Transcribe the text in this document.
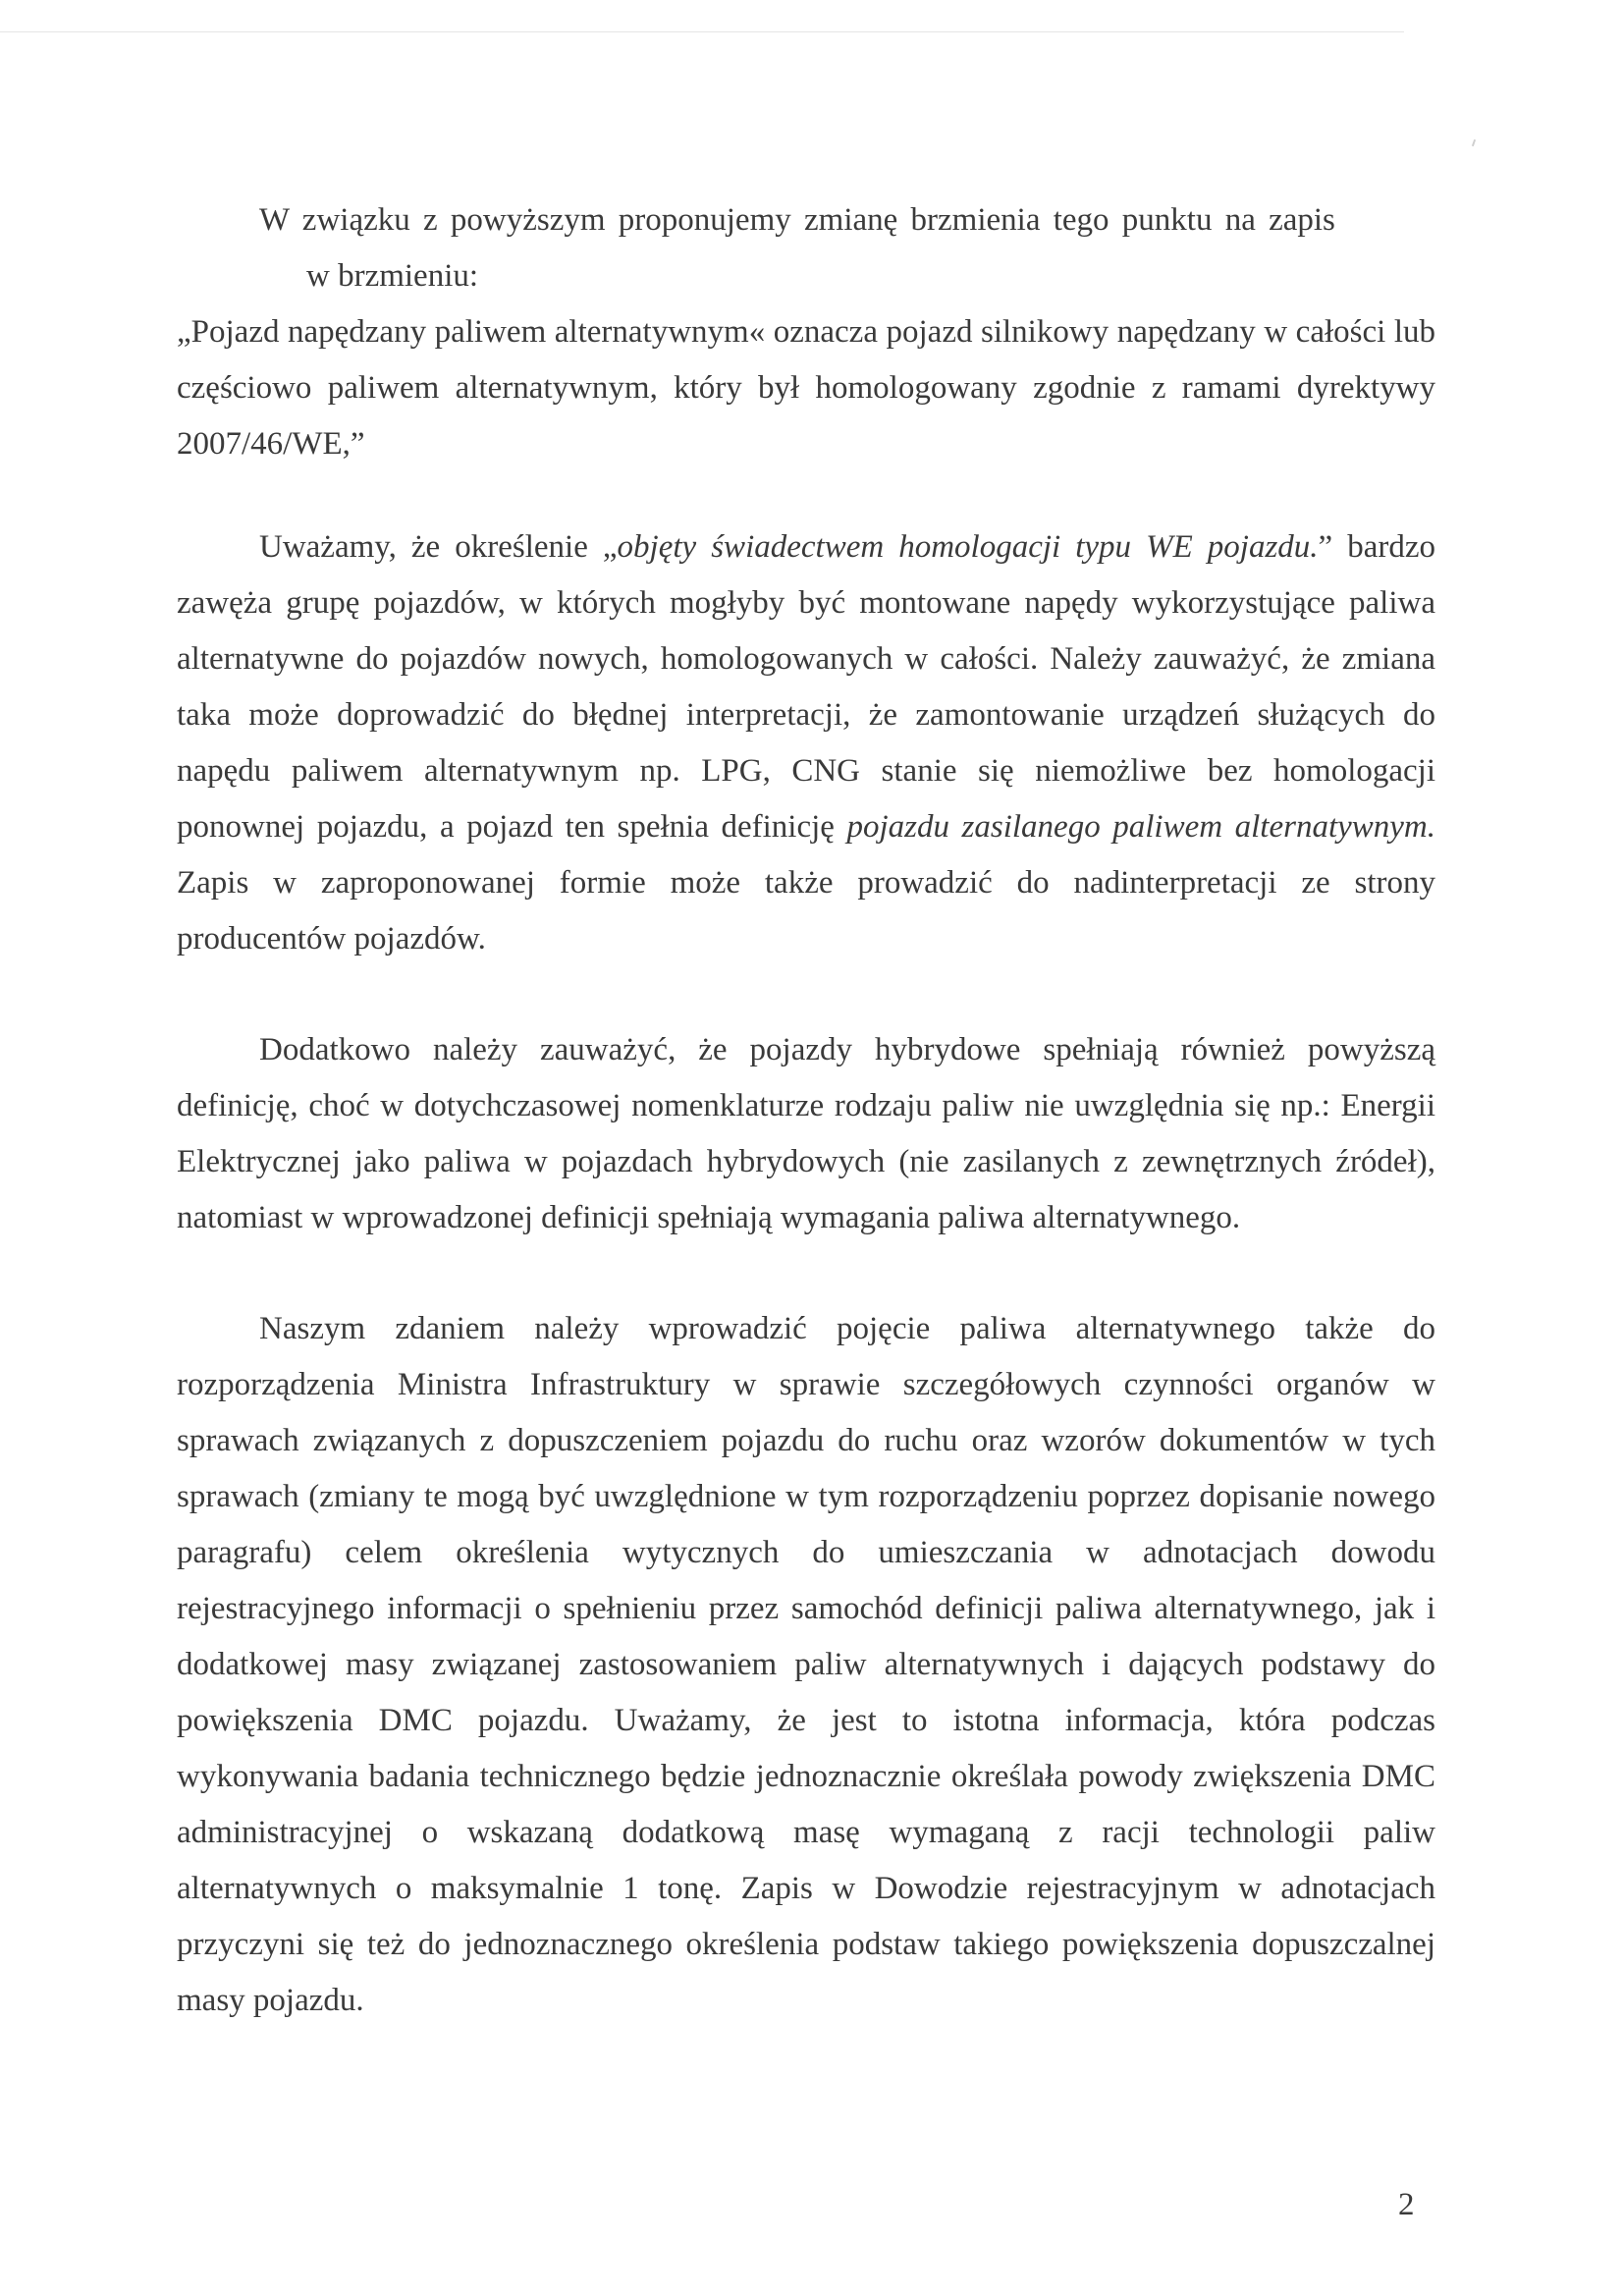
W związku z powyższym proponujemy zmianę brzmienia tego punktu na zapis

w brzmieniu:

„Pojazd napędzany paliwem alternatywnym« oznacza pojazd silnikowy napędzany w całości lub częściowo paliwem alternatywnym, który był homologowany zgodnie z ramami dyrektywy 2007/46/WE,”

Uważamy, że określenie „objęty świadectwem homologacji typu WE pojazdu.” bardzo zawęża grupę pojazdów, w których mogłyby być montowane napędy wykorzystujące paliwa alternatywne do pojazdów nowych, homologowanych w całości. Należy zauważyć, że zmiana taka może doprowadzić do błędnej interpretacji, że zamontowanie urządzeń służących do napędu paliwem alternatywnym np. LPG, CNG stanie się niemożliwe bez homologacji ponownej pojazdu, a pojazd ten spełnia definicję pojazdu zasilanego paliwem alternatywnym. Zapis w zaproponowanej formie może także prowadzić do nadinterpretacji ze strony producentów pojazdów.

Dodatkowo należy zauważyć, że pojazdy hybrydowe spełniają również powyższą definicję, choć w dotychczasowej nomenklaturze rodzaju paliw nie uwzględnia się np.: Energii Elektrycznej jako paliwa w pojazdach hybrydowych (nie zasilanych z zewnętrznych źródeł), natomiast w wprowadzonej definicji spełniają wymagania paliwa alternatywnego.

Naszym zdaniem należy wprowadzić pojęcie paliwa alternatywnego także do rozporządzenia Ministra Infrastruktury w sprawie szczegółowych czynności organów w sprawach związanych z dopuszczeniem pojazdu do ruchu oraz wzorów dokumentów w tych sprawach (zmiany te mogą być uwzględnione w tym rozporządzeniu poprzez dopisanie nowego paragrafu) celem określenia wytycznych do umieszczania w adnotacjach dowodu rejestracyjnego informacji o spełnieniu przez samochód definicji paliwa alternatywnego, jak i dodatkowej masy związanej zastosowaniem paliw alternatywnych i dających podstawy do powiększenia DMC pojazdu. Uważamy, że jest to istotna informacja, która podczas wykonywania badania technicznego będzie jednoznacznie określała powody zwiększenia DMC administracyjnej o wskazaną dodatkową masę wymaganą z racji technologii paliw alternatywnych o maksymalnie 1 tonę. Zapis w Dowodzie rejestracyjnym w adnotacjach przyczyni się też do jednoznacznego określenia podstaw takiego powiększenia dopuszczalnej masy pojazdu.

2
